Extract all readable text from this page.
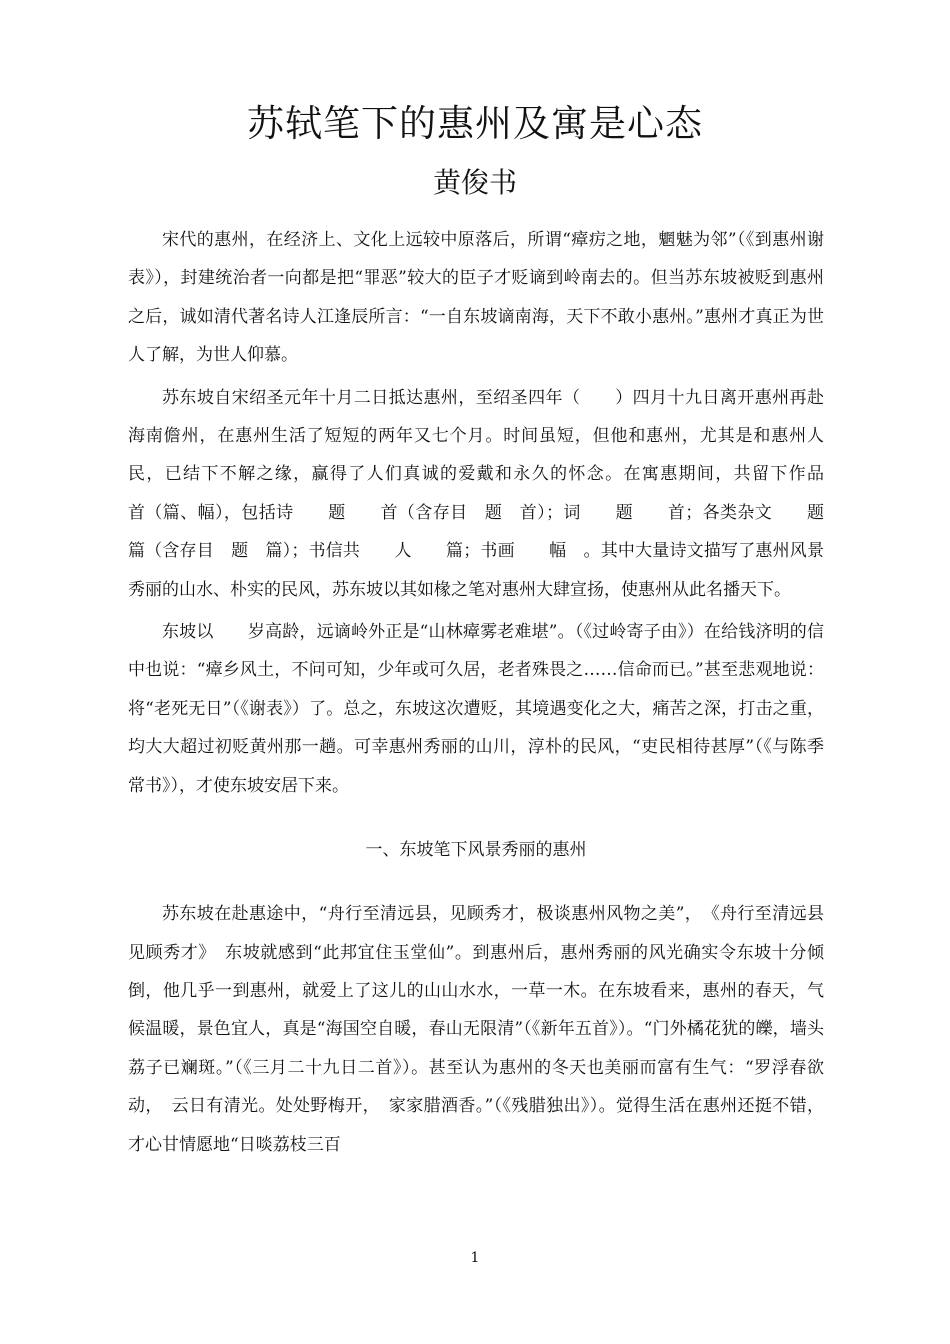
苏轼笔下的惠州及寓是心态
黄俊书

宋代的惠州，在经济上、文化上远较中原落后，所谓“瘴疠之地，魍魅为邻”（《到惠州谢表》），封建统治者一向都是把“罪恶”较大的臣子才贬谪到岭南去的。但当苏东坡被贬到惠州之后，诚如清代著名诗人江逢辰所言：“一自东坡谪南海，天下不敢小惠州。”惠州才真正为世人了解，为世人仰慕。

苏东坡自宋绍圣元年十月二日抵达惠州，至绍圣四年（　　）四月十九日离开惠州再赴海南儋州，在惠州生活了短短的两年又七个月。时间虽短，但他和惠州，尤其是和惠州人民，已结下不解之缘，赢得了人们真诚的爱戴和永久的怀念。在寓惠期间，共留下作品　　首（篇、幅），包括诗　　题　　首（含存目　题　首）；词　　题　　首；各类杂文　　题　　篇（含存目　题　篇）；书信共　　人　　篇；书画　　幅　。其中大量诗文描写了惠州风景秀丽的山水、朴实的民风，苏东坡以其如椽之笔对惠州大肆宣扬，使惠州从此名播天下。

东坡以　　岁高龄，远谪岭外正是“山林瘴雾老难堪”。（《过岭寄子由》）在给钱济明的信中也说：“瘴乡风土，不问可知，少年或可久居，老者殊畏之……信命而已。”甚至悲观地说：将“老死无日”（《谢表》）了。总之，东坡这次遭贬，其境遇变化之大，痛苦之深，打击之重，均大大超过初贬黄州那一趟。可幸惠州秀丽的山川，淳朴的民风，“吏民相待甚厚”（《与陈季常书》），才使东坡安居下来。

一、东坡笔下风景秀丽的惠州

苏东坡在赴惠途中，“舟行至清远县，见顾秀才，极谈惠州风物之美”，　《舟行至清远县见顾秀才》　东坡就感到“此邦宜住玉堂仙”。到惠州后，惠州秀丽的风光确实令东坡十分倾倒，他几乎一到惠州，就爱上了这儿的山山水水，一草一木。在东坡看来，惠州的春天，气候温暖，景色宜人，真是“海国空自暖，春山无限清”（《新年五首》）。“门外橘花犹的皪，墙头荔子已斓斑。”（《三月二十九日二首》）。甚至认为惠州的冬天也美丽而富有生气：“罗浮春欲动，　云日有清光。处处野梅开，　家家腊酒香。”（《残腊独出》）。觉得生活在惠州还挺不错，才心甘情愿地“日啖荔枝三百

1
